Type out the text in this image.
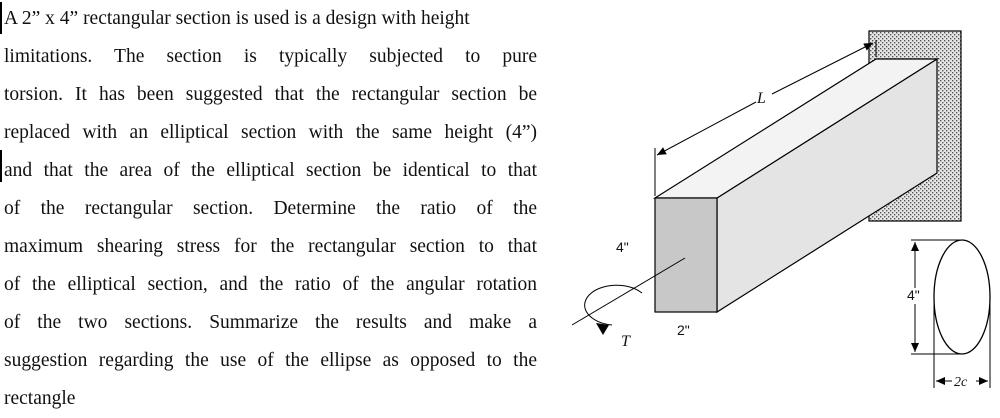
A 2” x 4” rectangular section is used is a design with height
limitations. The section is typically subjected to pure
torsion. It has been suggested that the rectangular section be
replaced with an elliptical section with the same height (4”)
and that the area of the elliptical section be identical to that
of the rectangular section. Determine the ratio of the
maximum shearing stress for the rectangular section to that
of the elliptical section, and the ratio of the angular rotation
of the two sections. Summarize the results and make a
suggestion regarding the use of the ellipse as opposed to the
rectangle
L
T
4"
2"
4"
2c
